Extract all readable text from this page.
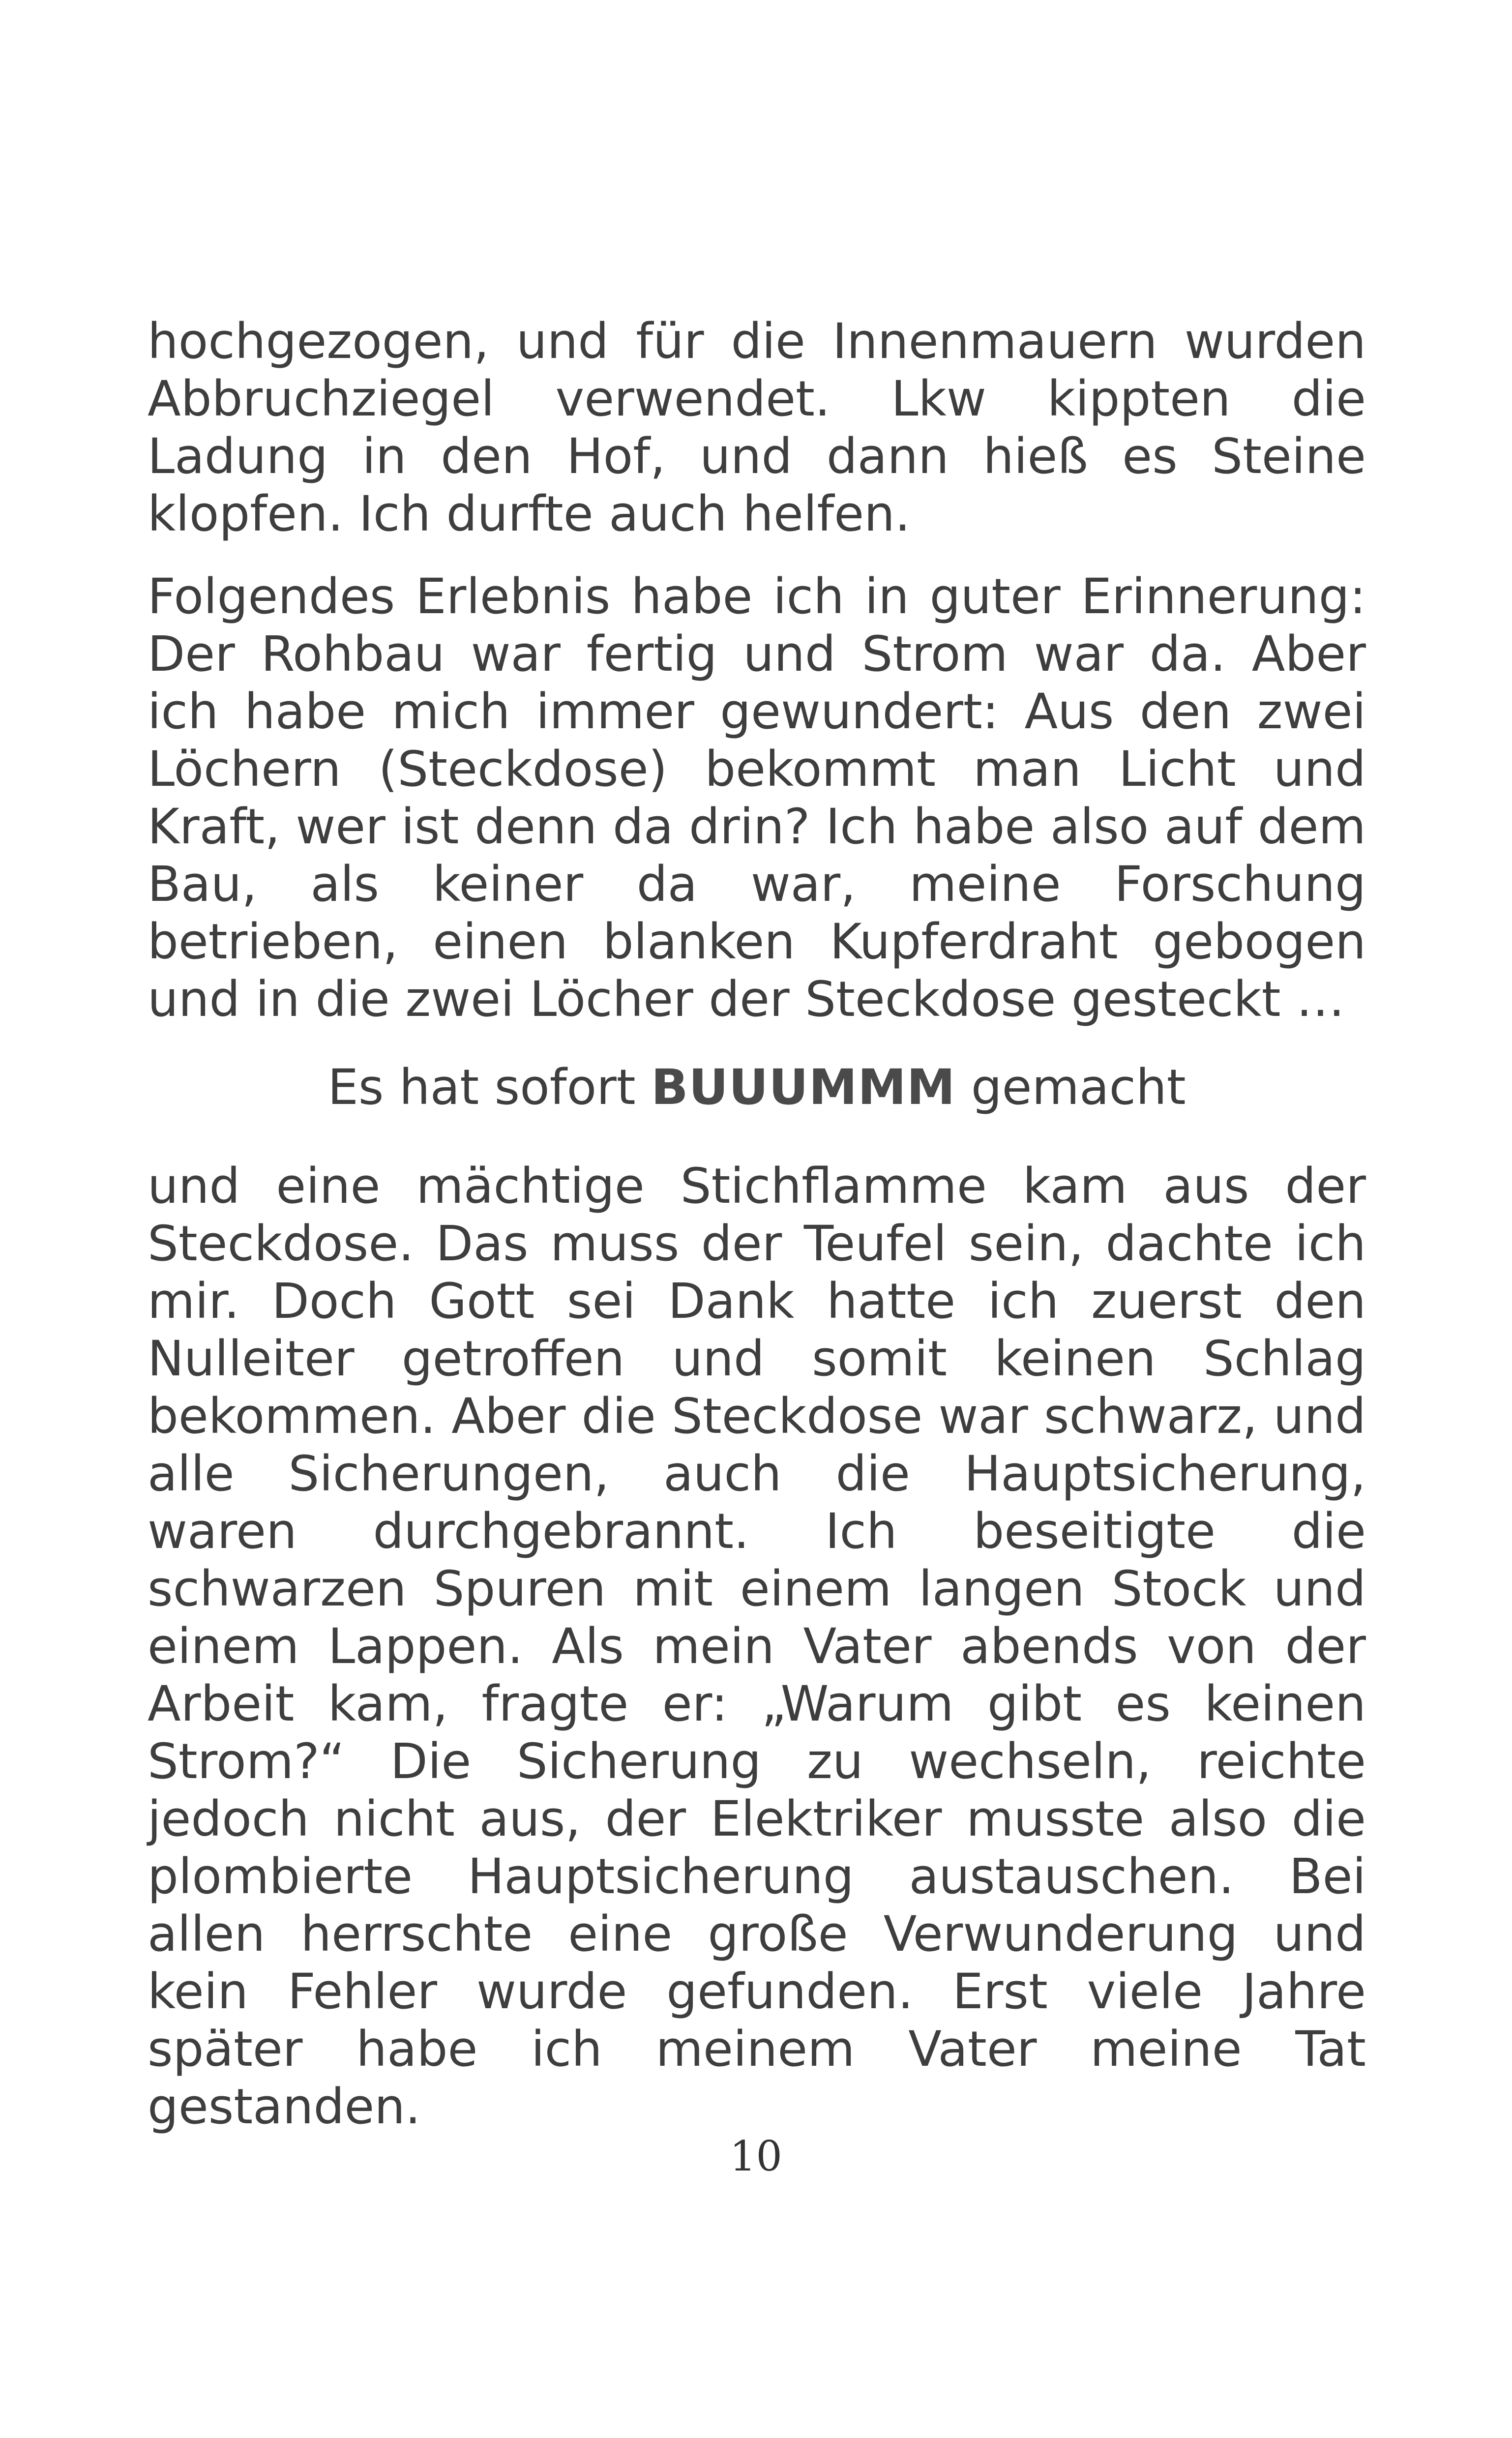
hochgezogen, und für die Innenmauern wurden Abbruchziegel verwendet. Lkw kippten die Ladung in den Hof, und dann hieß es Steine klopfen. Ich durfte auch helfen.

Folgendes Erlebnis habe ich in guter Erinnerung: Der Rohbau war fertig und Strom war da. Aber ich habe mich immer gewundert: Aus den zwei Löchern (Steckdose) bekommt man Licht und Kraft, wer ist denn da drin? Ich habe also auf dem Bau, als keiner da war, meine Forschung betrieben, einen blanken Kupferdraht gebogen und in die zwei Löcher der Steckdose gesteckt …

Es hat sofort BUUUMMM gemacht

und eine mächtige Stichflamme kam aus der Steckdose. Das muss der Teufel sein, dachte ich mir. Doch Gott sei Dank hatte ich zuerst den Nulleiter getroffen und somit keinen Schlag bekommen. Aber die Steckdose war schwarz, und alle Sicherungen, auch die Hauptsicherung, waren durchgebrannt. Ich beseitigte die schwarzen Spuren mit einem langen Stock und einem Lappen. Als mein Vater abends von der Arbeit kam, fragte er: „Warum gibt es keinen Strom?“ Die Sicherung zu wechseln, reichte jedoch nicht aus, der Elektriker musste also die plombierte Hauptsicherung austauschen. Bei allen herrschte eine große Verwunderung und kein Fehler wurde gefunden. Erst viele Jahre später habe ich meinem Vater meine Tat gestanden.

10
